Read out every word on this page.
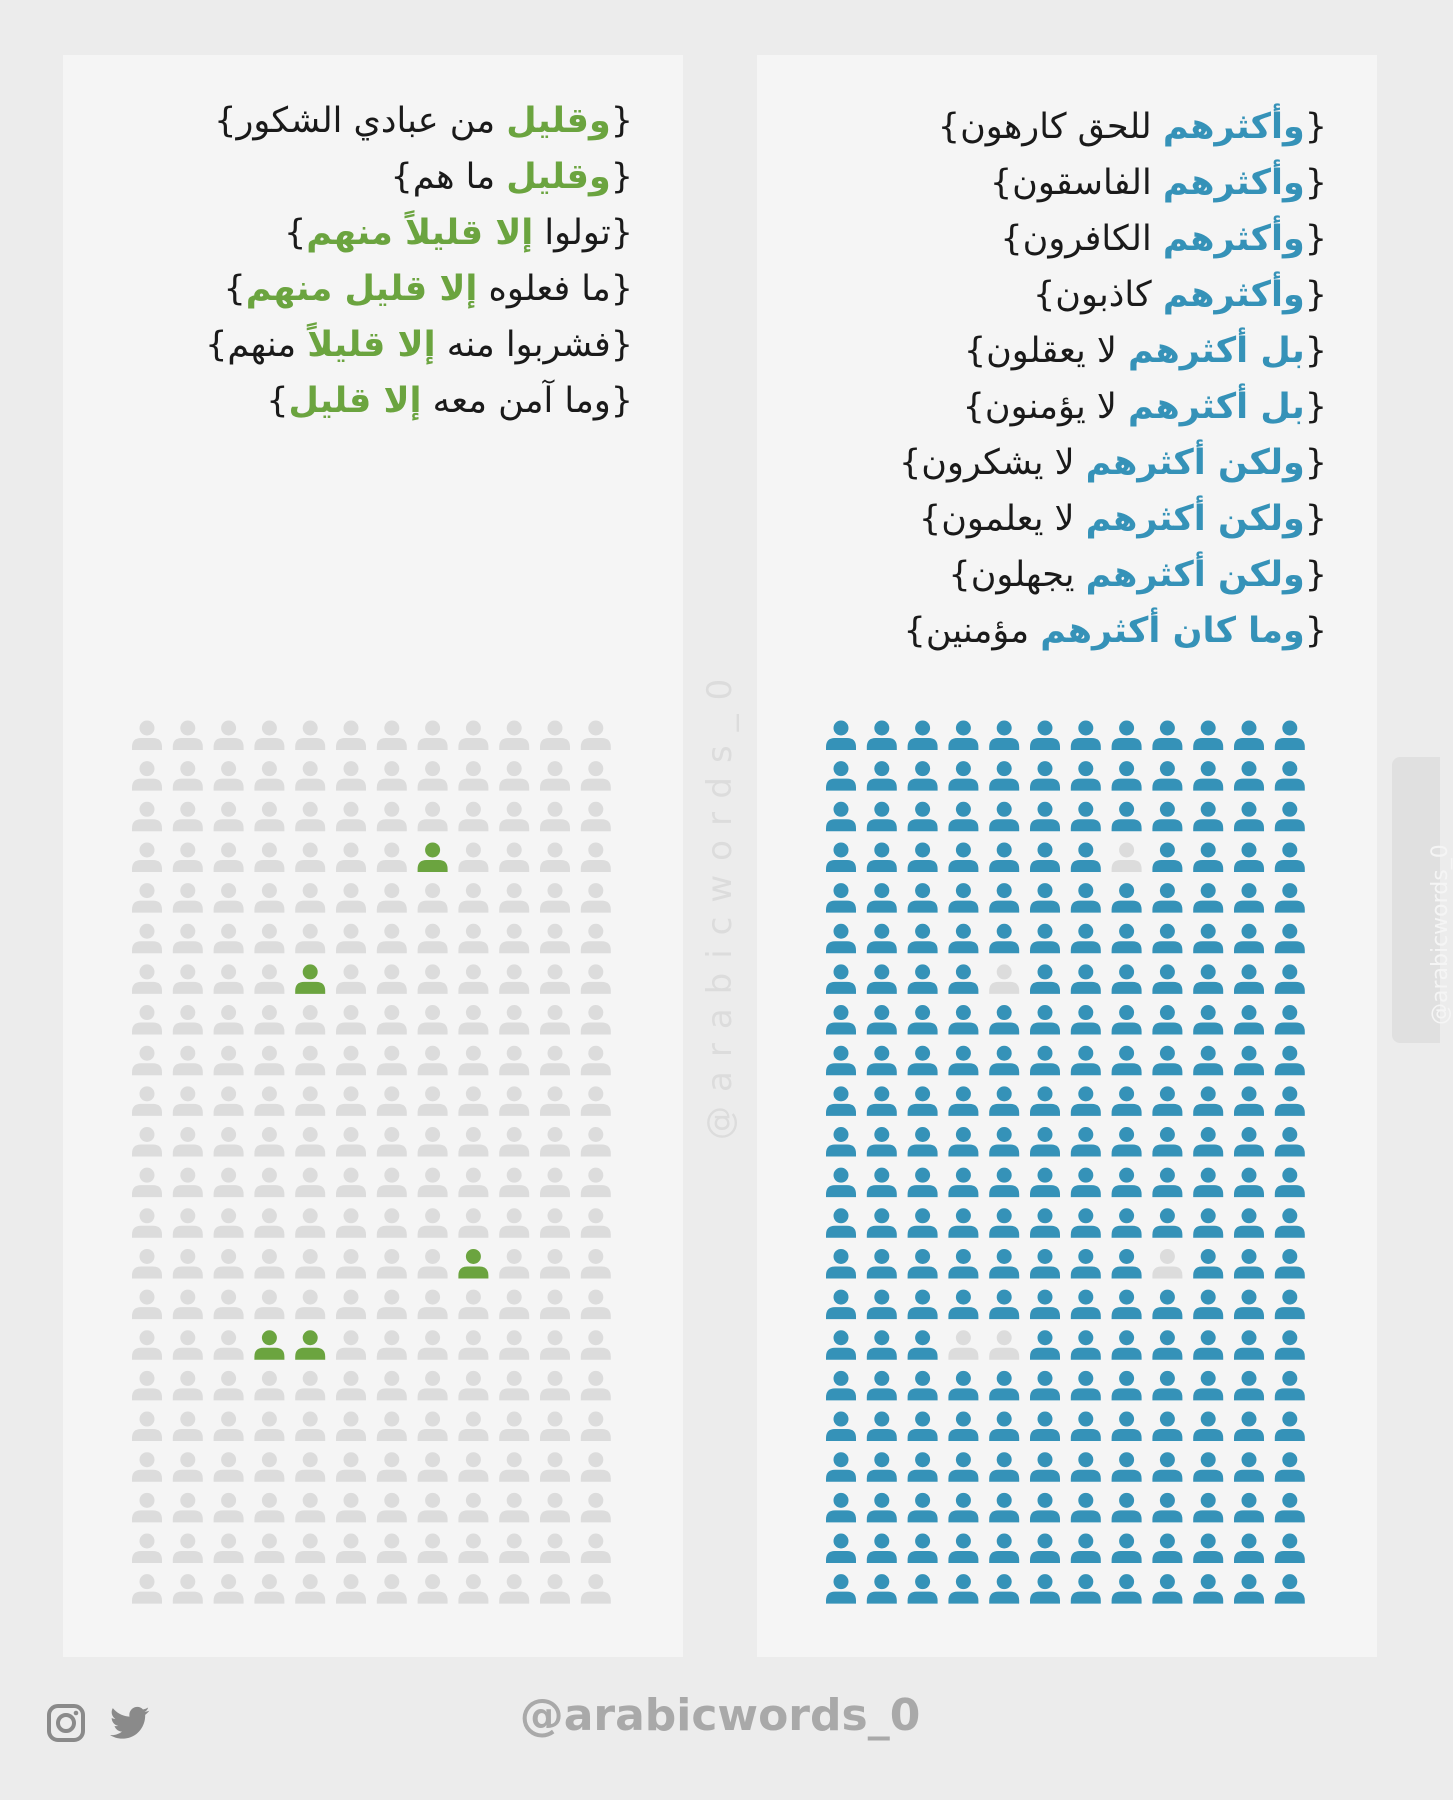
{وقليل من عبادي الشكور}
{وقليل ما هم}
{تولوا إلا قليلاً منهم}
{ما فعلوه إلا قليل منهم}
{فشربوا منه إلا قليلاً منهم}
{وما آمن معه إلا قليل}
{وأكثرهم للحق كارهون}
{وأكثرهم الفاسقون}
{وأكثرهم الكافرون}
{وأكثرهم كاذبون}
{بل أكثرهم لا يعقلون}
{بل أكثرهم لا يؤمنون}
{ولكن أكثرهم لا يشكرون}
{ولكن أكثرهم لا يعلمون}
{ولكن أكثرهم يجهلون}
{وما كان أكثرهم مؤمنين}
@arabicwords_0	@arabicwords_0
@arabicwords_0
